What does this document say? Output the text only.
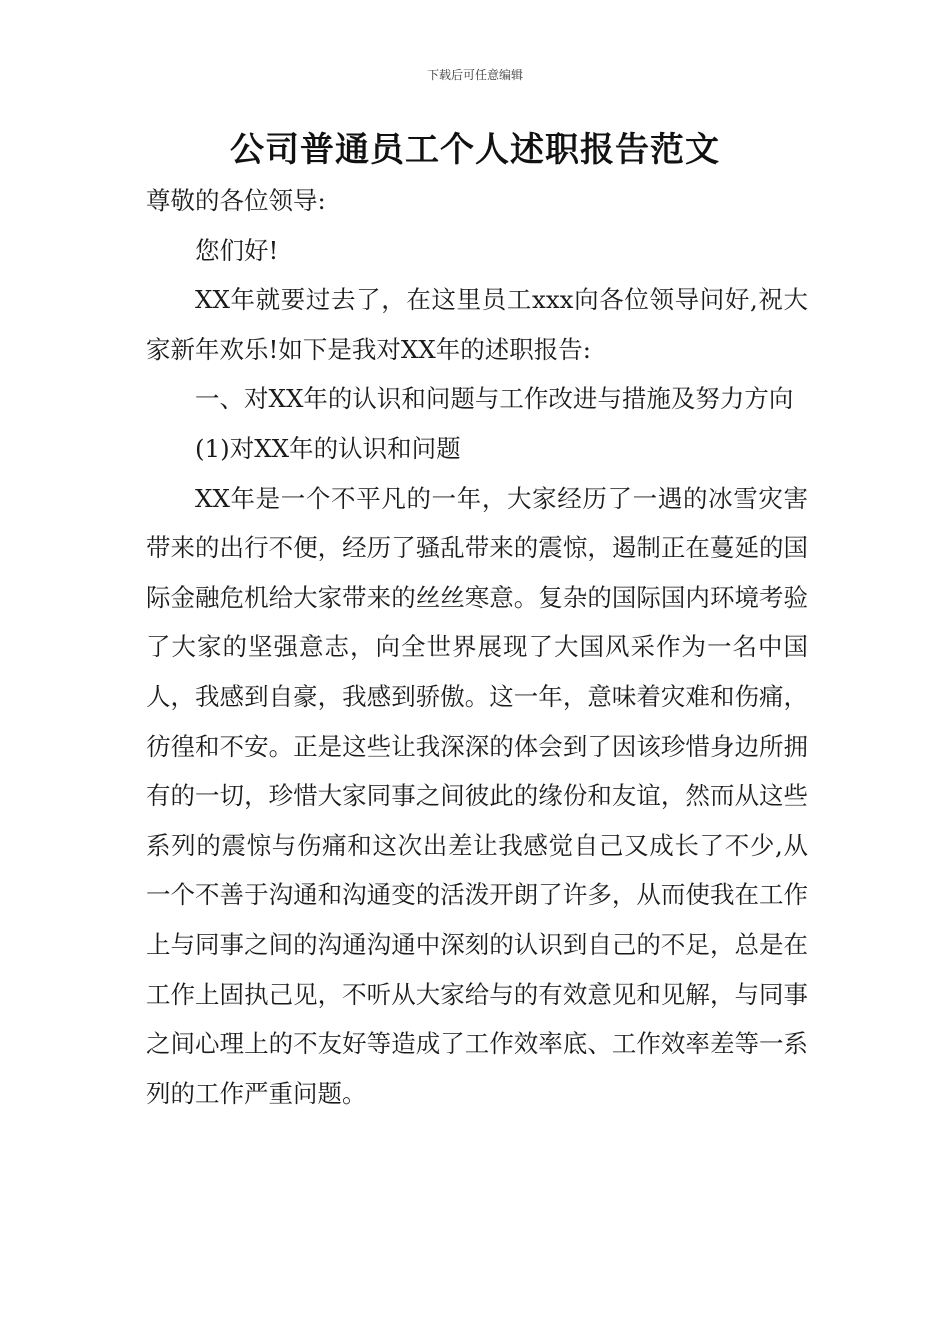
下载后可任意编辑
公司普通员工个人述职报告范文

尊敬的各位领导:

您们好!

XX年就要过去了，在这里员工xxx向各位领导问好,祝大家新年欢乐!如下是我对XX年的述职报告:

一、对XX年的认识和问题与工作改进与措施及努力方向

(1)对XX年的认识和问题

XX年是一个不平凡的一年，大家经历了一遇的冰雪灾害带来的出行不便，经历了骚乱带来的震惊，遏制正在蔓延的国际金融危机给大家带来的丝丝寒意。复杂的国际国内环境考验了大家的坚强意志，向全世界展现了大国风采作为一名中国人，我感到自豪，我感到骄傲。这一年，意味着灾难和伤痛，彷徨和不安。正是这些让我深深的体会到了因该珍惜身边所拥有的一切，珍惜大家同事之间彼此的缘份和友谊，然而从这些系列的震惊与伤痛和这次出差让我感觉自己又成长了不少,从一个不善于沟通和沟通变的活泼开朗了许多，从而使我在工作上与同事之间的沟通沟通中深刻的认识到自己的不足，总是在工作上固执己见，不听从大家给与的有效意见和见解，与同事之间心理上的不友好等造成了工作效率底、工作效率差等一系列的工作严重问题。
